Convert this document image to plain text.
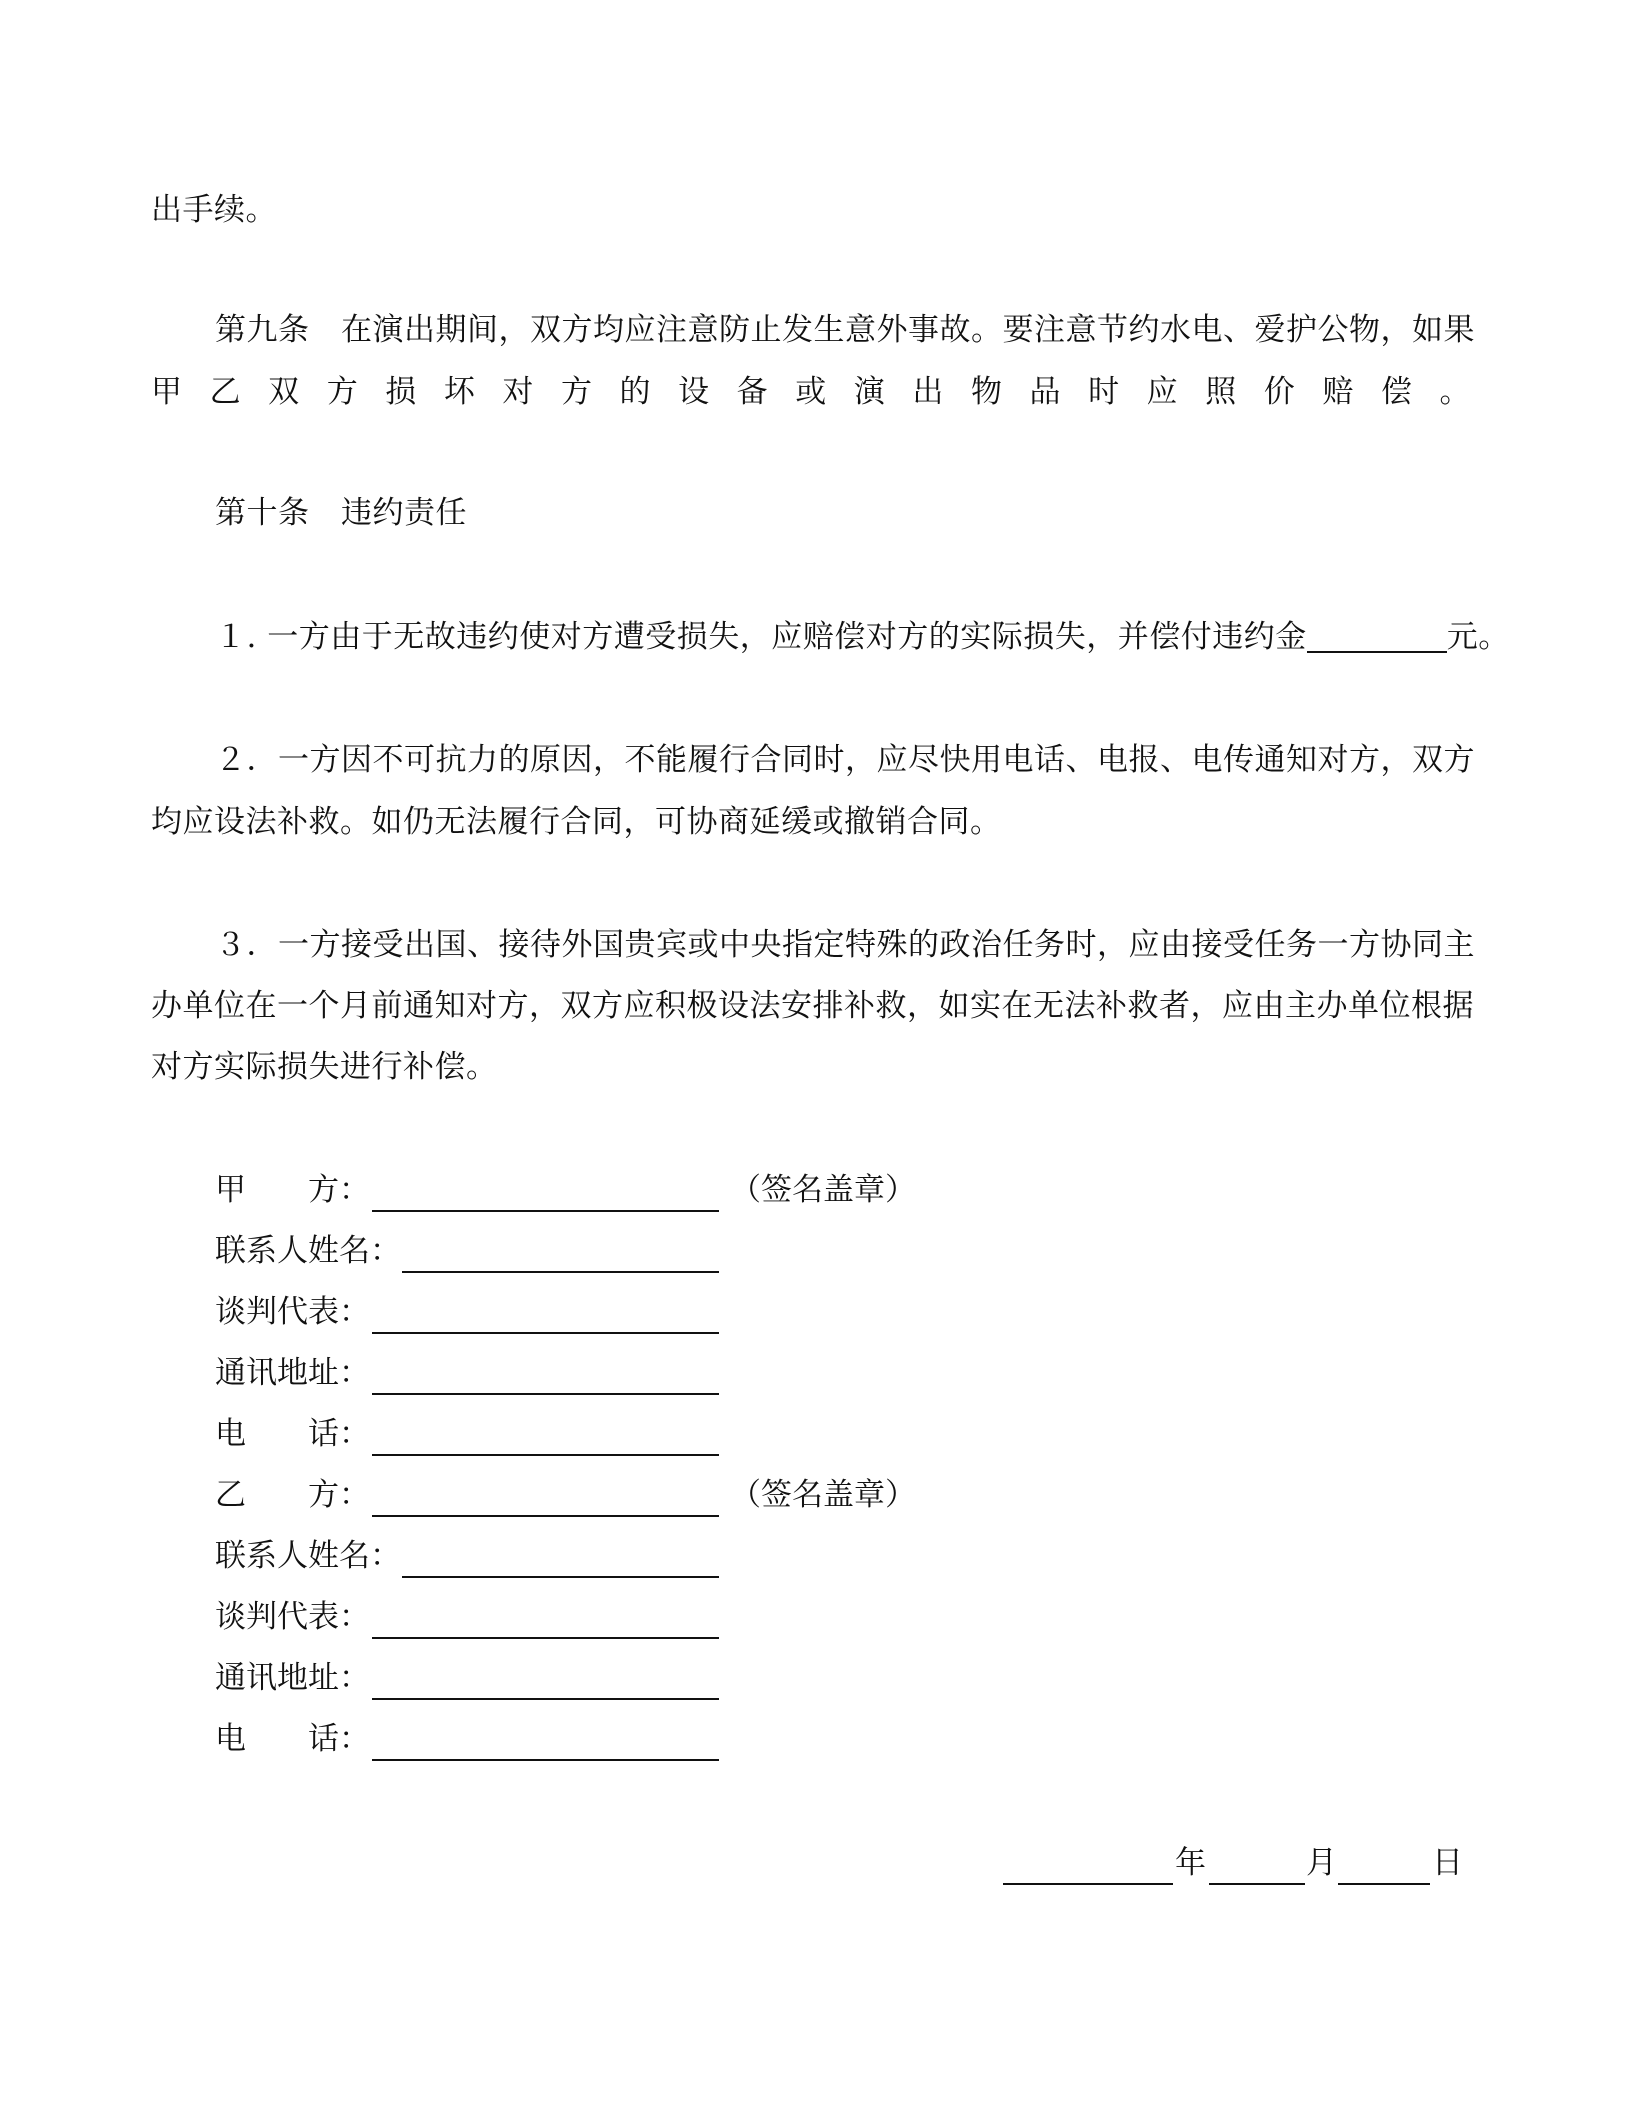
出手续。
第九条　在演出期间，双方均应注意防止发生意外事故。要注意节约水电、爱护公物，如果
甲乙双方损坏对方的设备或演出物品时应照价赔偿。
第十条　违约责任
１. 一方由于无故违约使对方遭受损失，应赔偿对方的实际损失，并偿付违约金	元。
２．一方因不可抗力的原因，不能履行合同时，应尽快用电话、电报、电传通知对方，双方
均应设法补救。如仍无法履行合同，可协商延缓或撤销合同。
３．一方接受出国、接待外国贵宾或中央指定特殊的政治任务时，应由接受任务一方协同主
办单位在一个月前通知对方，双方应积极设法安排补救，如实在无法补救者，应由主办单位根据
对方实际损失进行补偿。
甲　　方：	（签名盖章）
联系人姓名：
谈判代表：
通讯地址：
电　　话：
乙　　方：	（签名盖章）
联系人姓名：
谈判代表：
通讯地址：
电　　话：
年	月	日
